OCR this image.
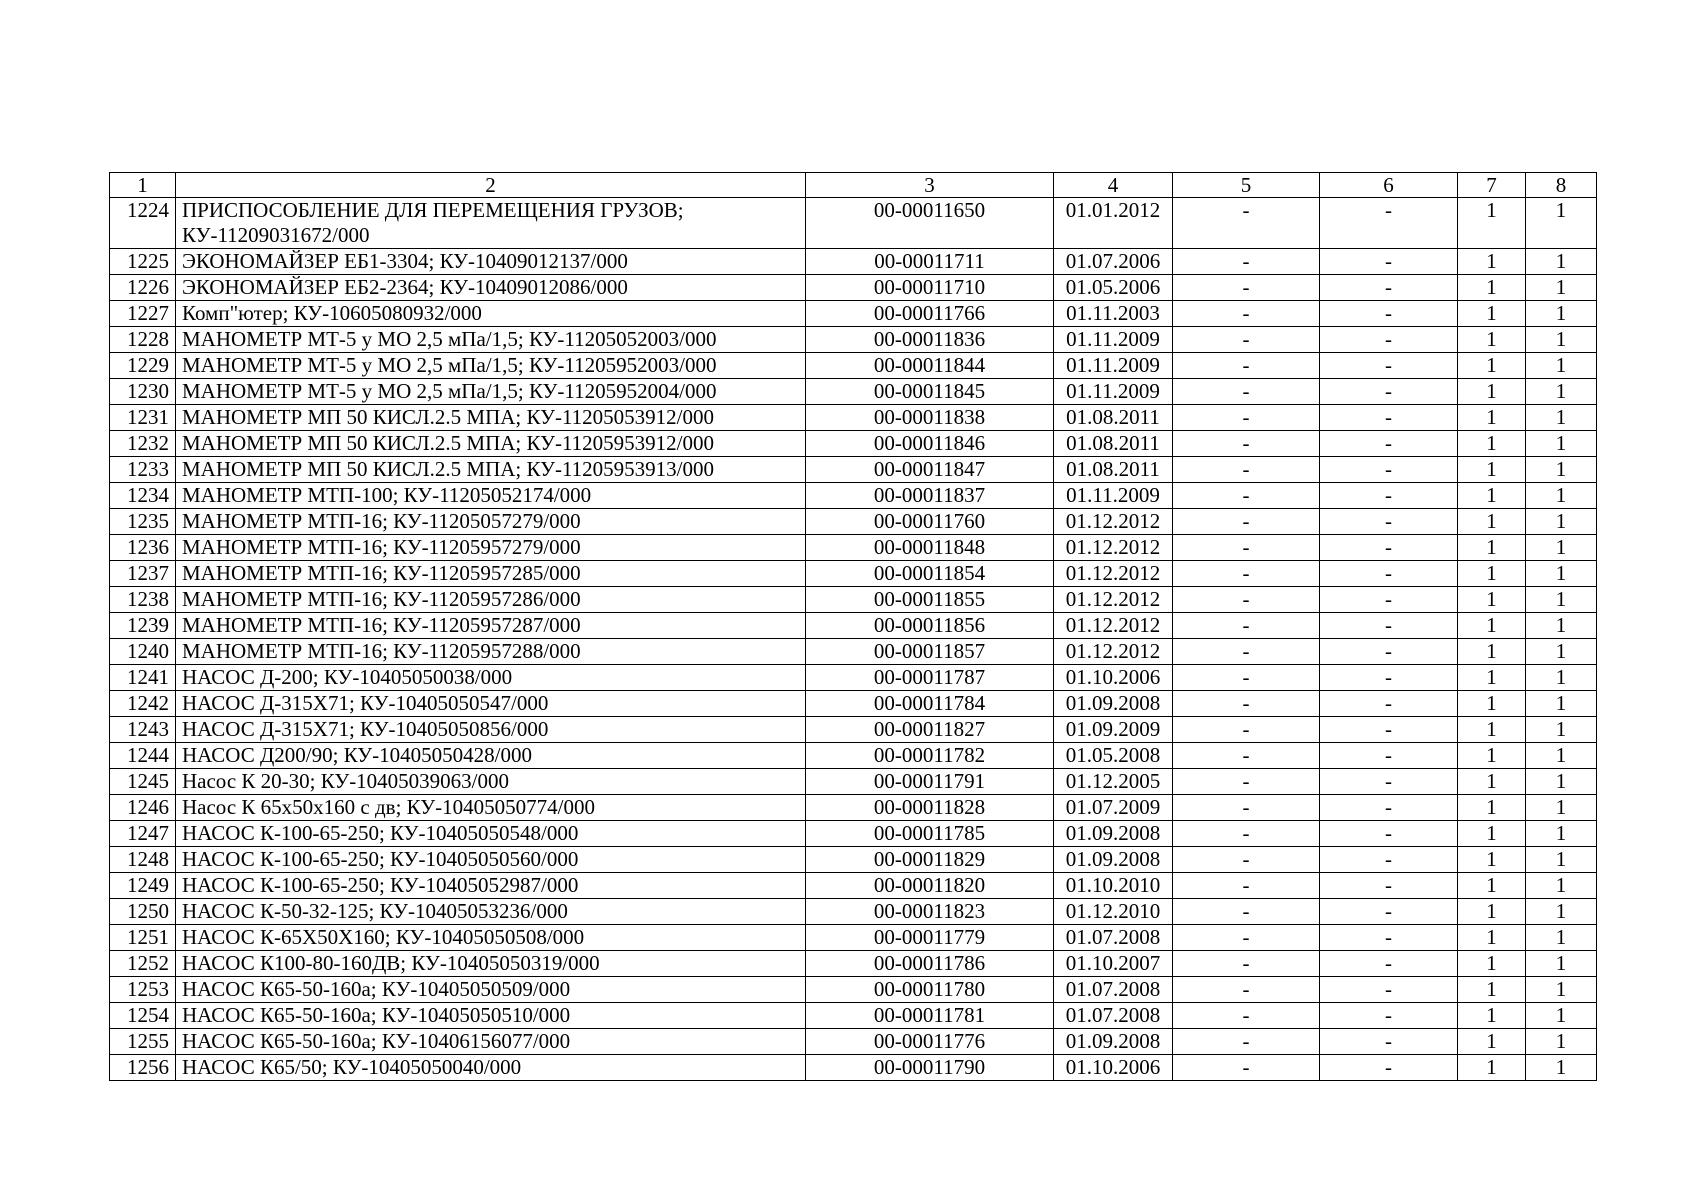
1	2	3	4	5	6	7	8
1224	ПРИСПОСОБЛЕНИЕ ДЛЯ ПЕРЕМЕЩЕНИЯ ГРУЗОВ; КУ-11209031672/000	00-00011650	01.01.2012	-	-	1	1
1225	ЭКОНОМАЙЗЕР ЕБ1-3304; КУ-10409012137/000	00-00011711	01.07.2006	-	-	1	1
1226	ЭКОНОМАЙЗЕР ЕБ2-2364; КУ-10409012086/000	00-00011710	01.05.2006	-	-	1	1
1227	Комп"ютер; КУ-10605080932/000	00-00011766	01.11.2003	-	-	1	1
1228	МАНОМЕТР МТ-5 у МО 2,5 мПа/1,5; КУ-11205052003/000	00-00011836	01.11.2009	-	-	1	1
1229	МАНОМЕТР МТ-5 у МО 2,5 мПа/1,5; КУ-11205952003/000	00-00011844	01.11.2009	-	-	1	1
1230	МАНОМЕТР МТ-5 у МО 2,5 мПа/1,5; КУ-11205952004/000	00-00011845	01.11.2009	-	-	1	1
1231	МАНОМЕТР МП 50 КИСЛ.2.5 МПА; КУ-11205053912/000	00-00011838	01.08.2011	-	-	1	1
1232	МАНОМЕТР МП 50 КИСЛ.2.5 МПА; КУ-11205953912/000	00-00011846	01.08.2011	-	-	1	1
1233	МАНОМЕТР МП 50 КИСЛ.2.5 МПА; КУ-11205953913/000	00-00011847	01.08.2011	-	-	1	1
1234	МАНОМЕТР МТП-100; КУ-11205052174/000	00-00011837	01.11.2009	-	-	1	1
1235	МАНОМЕТР МТП-16; КУ-11205057279/000	00-00011760	01.12.2012	-	-	1	1
1236	МАНОМЕТР МТП-16; КУ-11205957279/000	00-00011848	01.12.2012	-	-	1	1
1237	МАНОМЕТР МТП-16; КУ-11205957285/000	00-00011854	01.12.2012	-	-	1	1
1238	МАНОМЕТР МТП-16; КУ-11205957286/000	00-00011855	01.12.2012	-	-	1	1
1239	МАНОМЕТР МТП-16; КУ-11205957287/000	00-00011856	01.12.2012	-	-	1	1
1240	МАНОМЕТР МТП-16; КУ-11205957288/000	00-00011857	01.12.2012	-	-	1	1
1241	НАСОС Д-200; КУ-10405050038/000	00-00011787	01.10.2006	-	-	1	1
1242	НАСОС Д-315Х71; КУ-10405050547/000	00-00011784	01.09.2008	-	-	1	1
1243	НАСОС Д-315Х71; КУ-10405050856/000	00-00011827	01.09.2009	-	-	1	1
1244	НАСОС Д200/90; КУ-10405050428/000	00-00011782	01.05.2008	-	-	1	1
1245	Насос К 20-30; КУ-10405039063/000	00-00011791	01.12.2005	-	-	1	1
1246	Насос К 65х50х160 с дв; КУ-10405050774/000	00-00011828	01.07.2009	-	-	1	1
1247	НАСОС К-100-65-250; КУ-10405050548/000	00-00011785	01.09.2008	-	-	1	1
1248	НАСОС К-100-65-250; КУ-10405050560/000	00-00011829	01.09.2008	-	-	1	1
1249	НАСОС К-100-65-250; КУ-10405052987/000	00-00011820	01.10.2010	-	-	1	1
1250	НАСОС К-50-32-125; КУ-10405053236/000	00-00011823	01.12.2010	-	-	1	1
1251	НАСОС К-65Х50Х160; КУ-10405050508/000	00-00011779	01.07.2008	-	-	1	1
1252	НАСОС К100-80-160ДВ; КУ-10405050319/000	00-00011786	01.10.2007	-	-	1	1
1253	НАСОС К65-50-160а; КУ-10405050509/000	00-00011780	01.07.2008	-	-	1	1
1254	НАСОС К65-50-160а; КУ-10405050510/000	00-00011781	01.07.2008	-	-	1	1
1255	НАСОС К65-50-160а; КУ-10406156077/000	00-00011776	01.09.2008	-	-	1	1
1256	НАСОС К65/50; КУ-10405050040/000	00-00011790	01.10.2006	-	-	1	1
